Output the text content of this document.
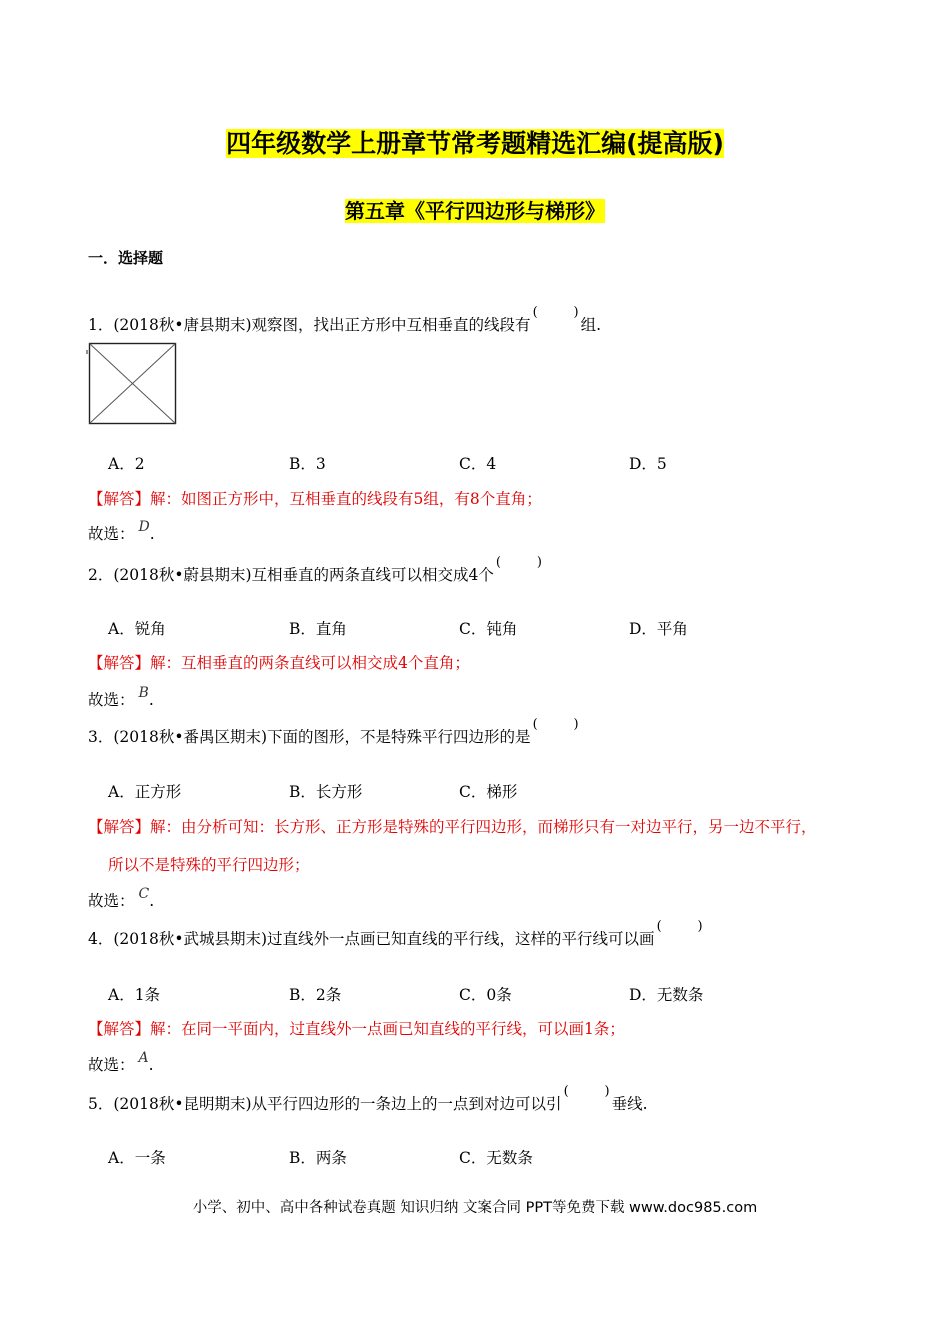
四年级数学上册章节常考题精选汇编(提高版)
第五章《平行四边形与梯形》
一．选择题
1．(2018秋•唐县期末)观察图，找出正方形中互相垂直的线段有
(	)
组.
A．2	B．3	C．4	D．5
【解答】解：如图正方形中，互相垂直的线段有5组，有8个直角；
故选： D.
2．(2018秋•蔚县期末)互相垂直的两条直线可以相交成4个
(	)
A．锐角	B．直角	C．钝角	D．平角
【解答】解：互相垂直的两条直线可以相交成4个直角；
故选： B.
3．(2018秋•番禺区期末)下面的图形，不是特殊平行四边形的是
(	)
A．正方形	B．长方形	C．梯形
【解答】解：由分析可知：长方形、正方形是特殊的平行四边形，而梯形只有一对边平行，另一边不平行，
所以不是特殊的平行四边形；
故选： C.
4．(2018秋•武城县期末)过直线外一点画已知直线的平行线，这样的平行线可以画
(	)
A．1条	B．2条	C．0条	D．无数条
【解答】解：在同一平面内，过直线外一点画已知直线的平行线，可以画1条；
故选： A.
5．(2018秋•昆明期末)从平行四边形的一条边上的一点到对边可以引
(	)
垂线.
A．一条	B．两条	C．无数条
小学、初中、高中各种试卷真题 知识归纳 文案合同 PPT等免费下载 www.doc985.com
